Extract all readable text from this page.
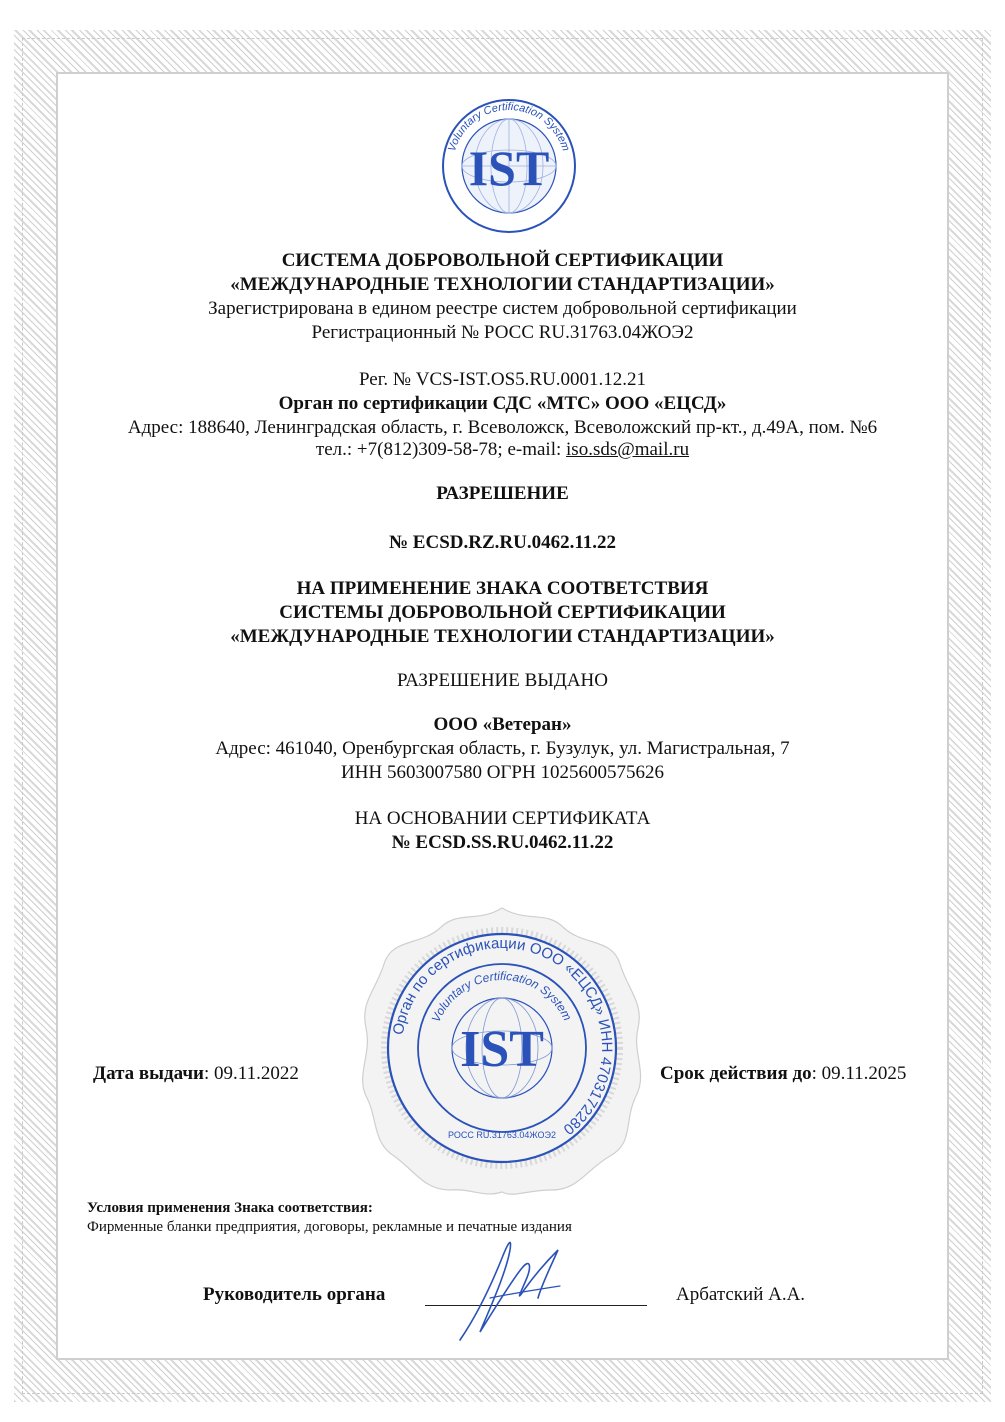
IST
Voluntary Certification System
СИСТЕМА ДОБРОВОЛЬНОЙ СЕРТИФИКАЦИИ
«МЕЖДУНАРОДНЫЕ ТЕХНОЛОГИИ СТАНДАРТИЗАЦИИ»
Зарегистрирована в едином реестре систем добровольной сертификации
Регистрационный № РОСС RU.31763.04ЖОЭ2
Рег. № VCS-IST.OS5.RU.0001.12.21
Орган по сертификации СДС «МТС» ООО «ЕЦСД»
Адрес: 188640, Ленинградская область, г. Всеволожск, Всеволожский пр-кт., д.49А, пом. №6
тел.: +7(812)309-58-78; e-mail: iso.sds@mail.ru
РАЗРЕШЕНИЕ
№ ECSD.RZ.RU.0462.11.22
НА ПРИМЕНЕНИЕ ЗНАКА СООТВЕТСТВИЯ
СИСТЕМЫ ДОБРОВОЛЬНОЙ СЕРТИФИКАЦИИ
«МЕЖДУНАРОДНЫЕ ТЕХНОЛОГИИ СТАНДАРТИЗАЦИИ»
РАЗРЕШЕНИЕ ВЫДАНО
ООО «Ветеран»
Адрес: 461040, Оренбургская область, г. Бузулук, ул. Магистральная, 7
ИНН 5603007580 ОГРН 1025600575626
НА ОСНОВАНИИ СЕРТИФИКАТА
№ ECSD.SS.RU.0462.11.22
Орган по сертификации ООО «ЕЦСД» ИНН 4703172280
Voluntary Certification System
РОСС RU.31763.04ЖОЭ2
IST
Дата выдачи: 09.11.2022	Срок действия до: 09.11.2025
Условия применения Знака соответствия:
Фирменные бланки предприятия, договоры, рекламные и печатные издания
Руководитель органа	Арбатский А.А.
